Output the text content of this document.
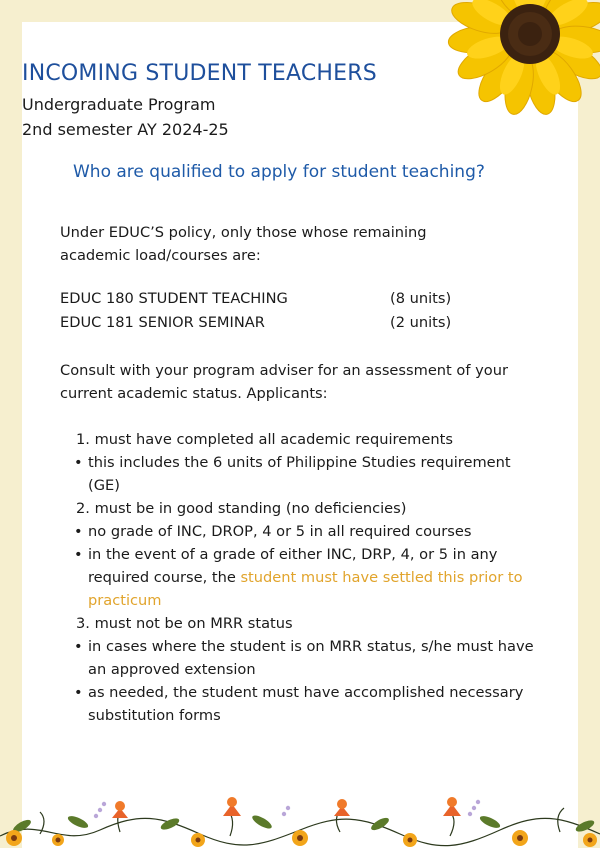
INCOMING STUDENT TEACHERS
Undergraduate Program
2nd semester AY 2024-25
Who are qualified to apply for student teaching?
Under EDUC’S policy, only those whose remaining academic load/courses are:
EDUC 180 STUDENT TEACHING	(8 units)
EDUC 181 SENIOR SEMINAR	(2 units)
Consult with your program adviser for an assessment of your current academic status. Applicants:
1. must have completed all academic requirements
• this includes the 6 units of Philippine Studies requirement (GE)
2. must be in good standing (no deficiencies)
• no grade of INC, DROP, 4 or 5 in all required courses
• in the event of a grade of either INC, DRP, 4, or 5 in any required course, the student must have settled this prior to practicum
3. must not be on MRR status
• in cases where the student is on MRR status, s/he must have an approved extension
• as needed, the student must have accomplished necessary substitution forms
